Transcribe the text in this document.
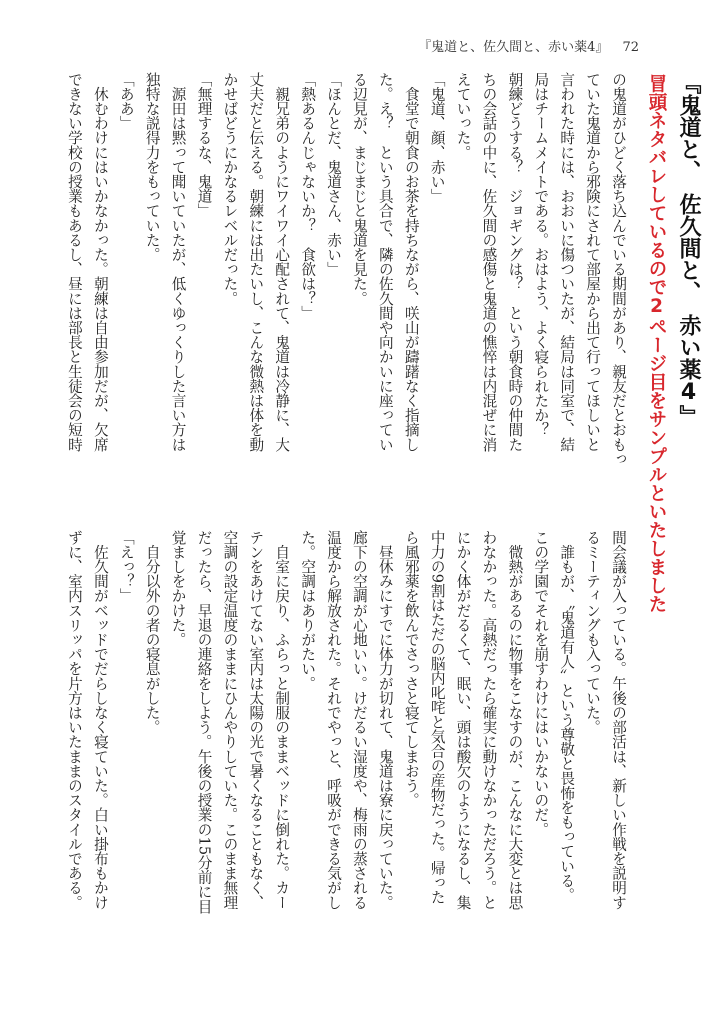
『鬼道と、佐久間と、赤い薬4』 72
『鬼道と、　佐久間と、　赤い薬4』
冒頭ネタバレしているので2ページ目をサンプルといたしました
の鬼道がひどく落ち込んでいる期間があり、親友だとおもっ
ていた鬼道から邪険にされて部屋から出て行ってほしいと
言われた時には、おおいに傷ついたが、結局は同室で、結
局はチームメイトである。おはよう、よく寝られたか？
朝練どうする？　ジョギングは？　という朝食時の仲間た
ちの会話の中に、佐久間の感傷と鬼道の憔悴は内混ぜに消
えていった。
「鬼道、顔、赤い」
　食堂で朝食のお茶を持ちながら、咲山が躊躇なく指摘し
た。え？　という具合で、隣の佐久間や向かいに座ってい
る辺見が、まじまじと鬼道を見た。
「ほんとだ、鬼道さん、赤い」
「熱あるんじゃないか？　食欲は？」
　親兄弟のようにワイワイ心配されて、鬼道は冷静に、大
丈夫だと伝える。朝練には出たいし、こんな微熱は体を動
かせばどうにかなるレベルだった。
「無理するな、鬼道」
　源田は黙って聞いていたが、低くゆっくりした言い方は
独特な説得力をもっていた。
「ああ」
　休むわけにはいかなかった。朝練は自由参加だが、欠席
できない学校の授業もあるし、昼には部長と生徒会の短時
間会議が入っている。午後の部活は、新しい作戦を説明す
るミーティングも入っていた。
　誰もが、〝鬼道有人〟という尊敬と畏怖をもっている。
この学園でそれを崩すわけにはいかないのだ。
　微熱があるのに物事をこなすのが、こんなに大変とは思
わなかった。高熱だったら確実に動けなかっただろう。と
にかく体がだるくて、眠い、頭は酸欠のようになるし、集
中力の9割はただの脳内叱咤と気合の産物だった。帰った
ら風邪薬を飲んでさっさと寝てしまおう。
　昼休みにすでに体力が切れて、鬼道は寮に戻っていた。
廊下の空調が心地いい。けだるい湿度や、梅雨の蒸される
温度から解放された。それでやっと、呼吸ができる気がし
た。空調はありがたい。
　自室に戻り、ふらっと制服のままベッドに倒れた。カー
テンをあけてない室内は太陽の光で暑くなることもなく、
空調の設定温度のままにひんやりしていた。このまま無理
だったら、早退の連絡をしよう。午後の授業の15分前に目
覚ましをかけた。
　自分以外の者の寝息がした。
「えっ？」
　佐久間がベッドでだらしなく寝ていた。白い掛布もかけ
ずに、室内スリッパを片方はいたままのスタイルである。
